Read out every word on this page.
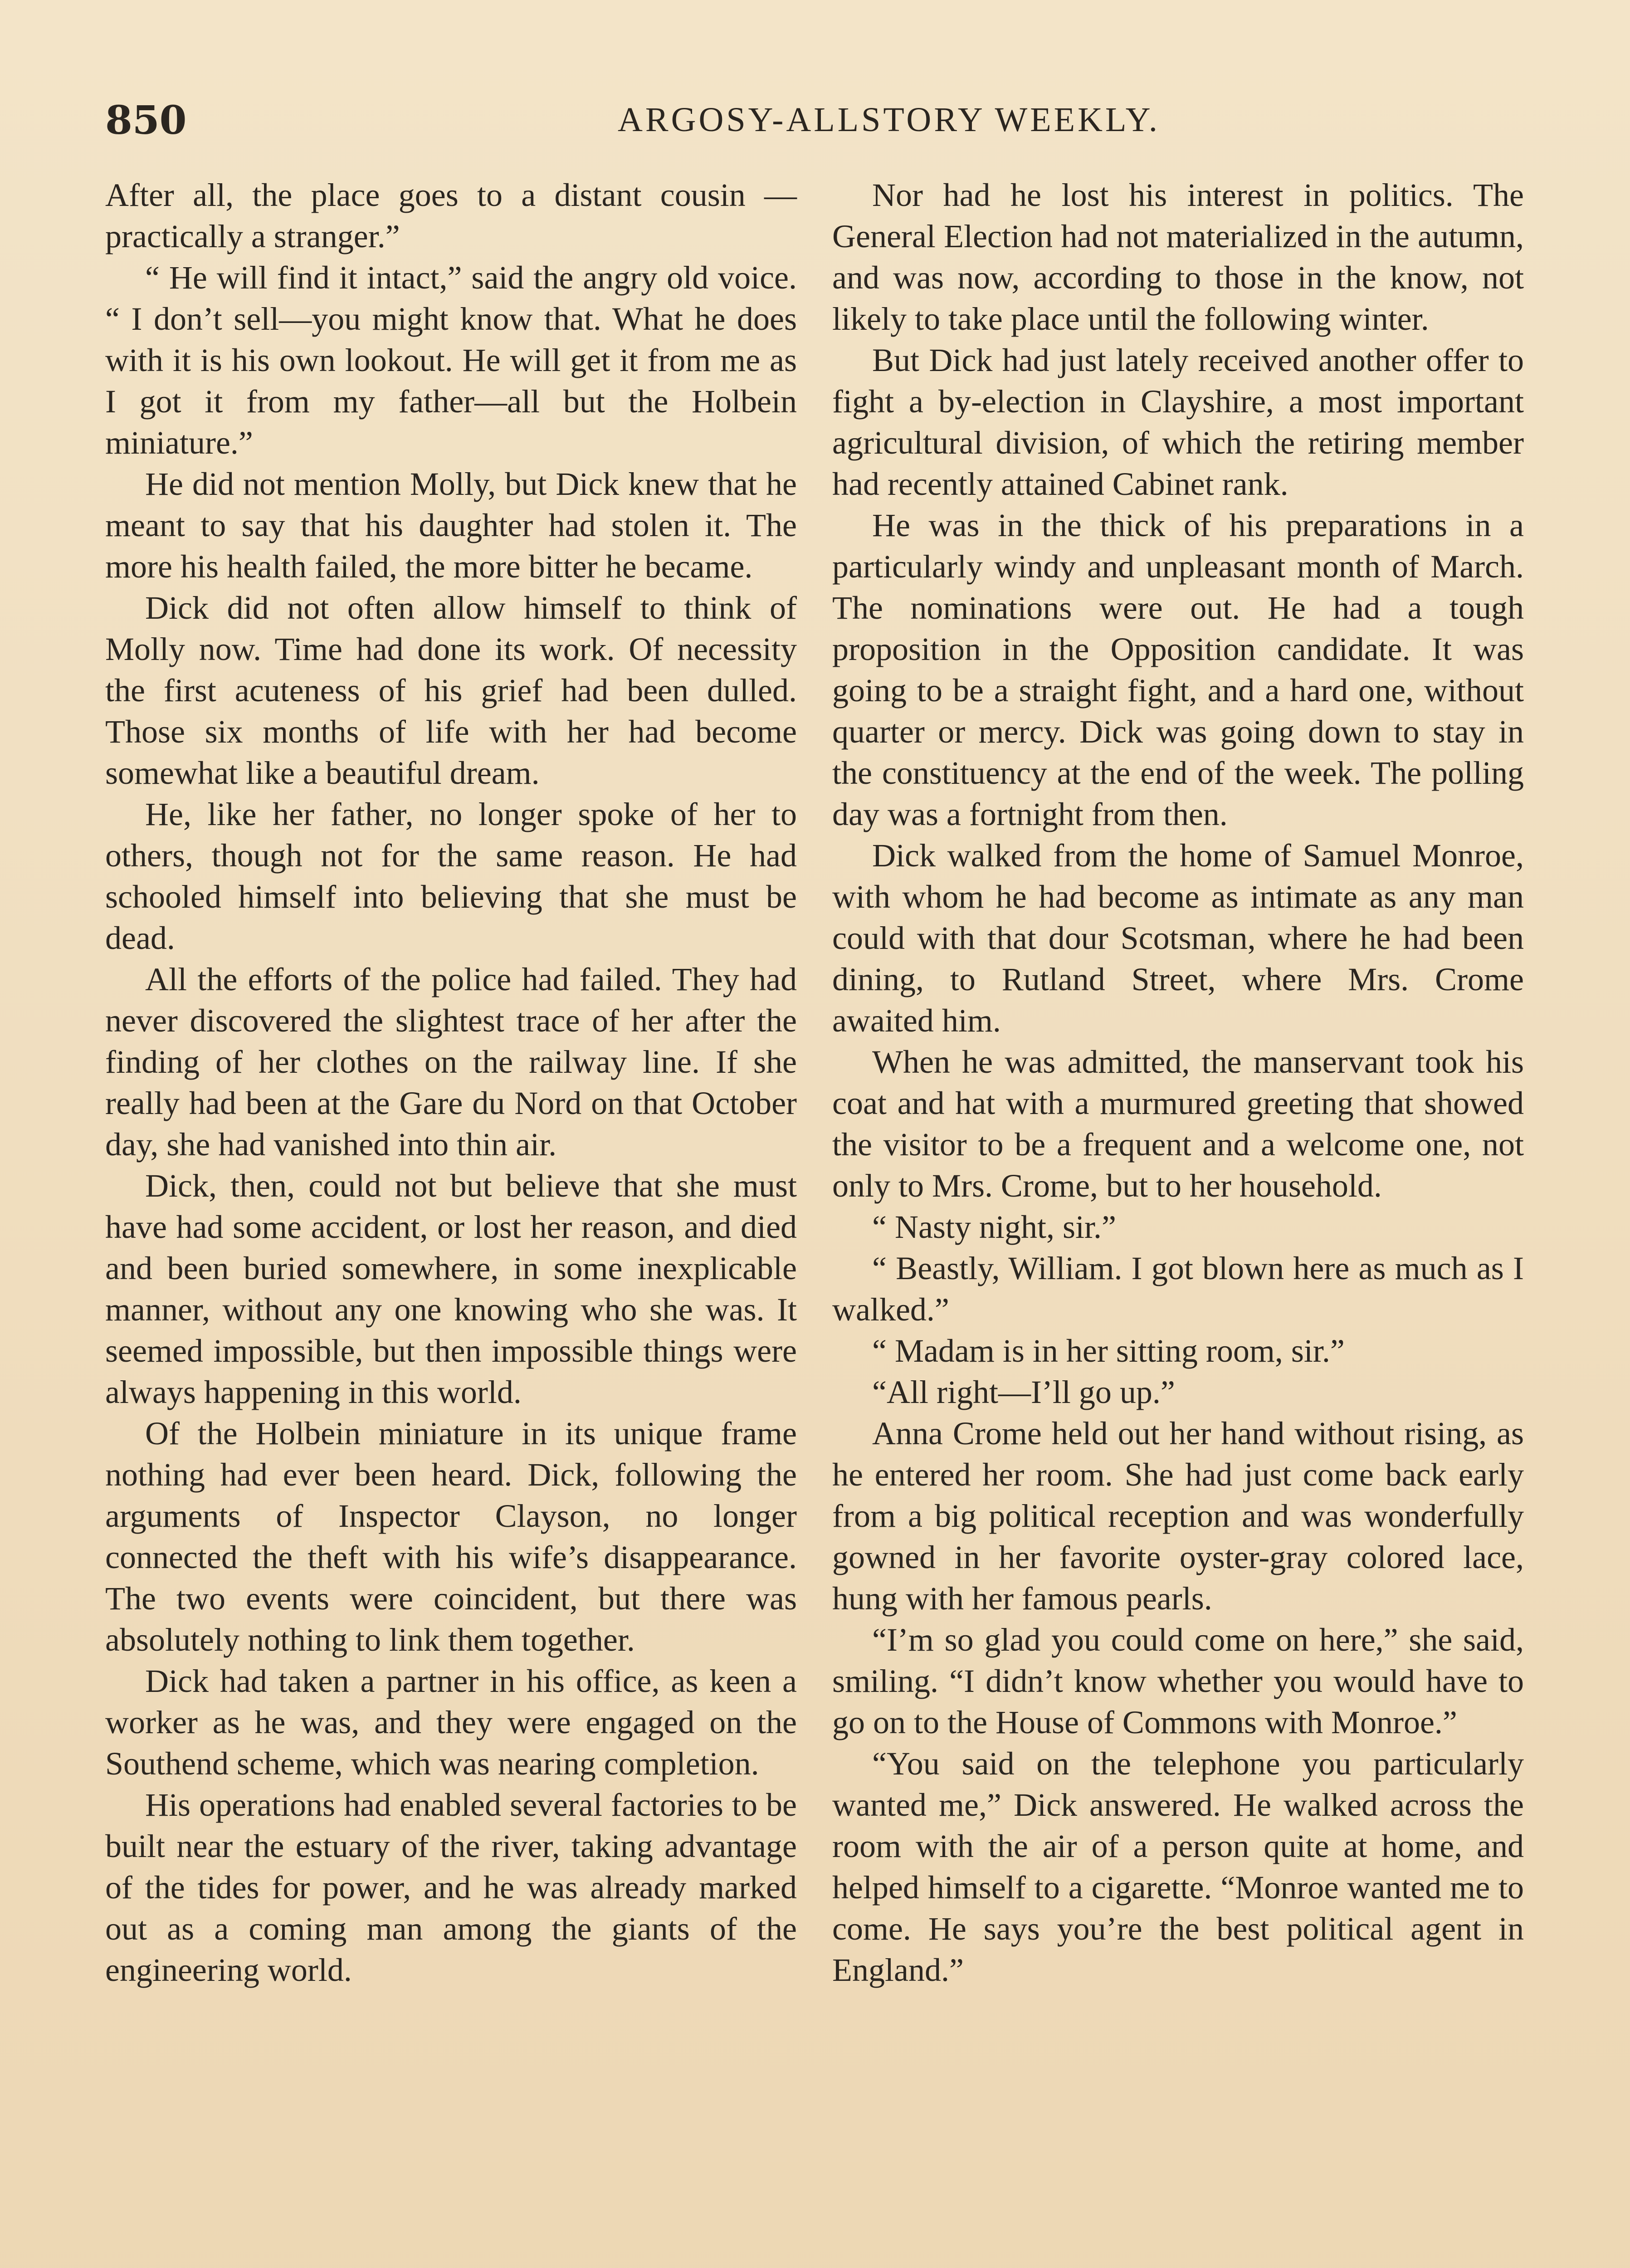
850	ARGOSY-ALLSTORY WEEKLY.

After all, the place goes to a distant cousin —practically a stranger.”

“ He will find it intact,” said the angry old voice. “ I don’t sell—you might know that. What he does with it is his own lookout. He will get it from me as I got it from my father—all but the Holbein miniature.”

He did not mention Molly, but Dick knew that he meant to say that his daughter had stolen it. The more his health failed, the more bitter he became.

Dick did not often allow himself to think of Molly now. Time had done its work. Of necessity the first acuteness of his grief had been dulled. Those six months of life with her had become somewhat like a beautiful dream.

He, like her father, no longer spoke of her to others, though not for the same reason. He had schooled himself into believing that she must be dead.

All the efforts of the police had failed. They had never discovered the slightest trace of her after the finding of her clothes on the railway line. If she really had been at the Gare du Nord on that October day, she had vanished into thin air.

Dick, then, could not but believe that she must have had some accident, or lost her reason, and died and been buried somewhere, in some inexplicable manner, without any one knowing who she was. It seemed impossible, but then impossible things were always happening in this world.

Of the Holbein miniature in its unique frame nothing had ever been heard. Dick, following the arguments of Inspector Clayson, no longer connected the theft with his wife’s disappearance. The two events were coincident, but there was absolutely nothing to link them together.

Dick had taken a partner in his office, as keen a worker as he was, and they were engaged on the Southend scheme, which was nearing completion.

His operations had enabled several factories to be built near the estuary of the river, taking advantage of the tides for power, and he was already marked out as a coming man among the giants of the engineering world.

Nor had he lost his interest in politics. The General Election had not materialized in the autumn, and was now, according to those in the know, not likely to take place until the following winter.

But Dick had just lately received another offer to fight a by-election in Clayshire, a most important agricultural division, of which the retiring member had recently attained Cabinet rank.

He was in the thick of his preparations in a particularly windy and unpleasant month of March. The nominations were out. He had a tough proposition in the Opposition candidate. It was going to be a straight fight, and a hard one, without quarter or mercy. Dick was going down to stay in the constituency at the end of the week. The polling day was a fortnight from then.

Dick walked from the home of Samuel Monroe, with whom he had become as intimate as any man could with that dour Scotsman, where he had been dining, to Rutland Street, where Mrs. Crome awaited him.

When he was admitted, the manservant took his coat and hat with a murmured greeting that showed the visitor to be a frequent and a welcome one, not only to Mrs. Crome, but to her household.

“ Nasty night, sir.”

“ Beastly, William. I got blown here as much as I walked.”

“ Madam is in her sitting room, sir.”

“All right—I’ll go up.”

Anna Crome held out her hand without rising, as he entered her room. She had just come back early from a big political reception and was wonderfully gowned in her favorite oyster-gray colored lace, hung with her famous pearls.

“I’m so glad you could come on here,” she said, smiling. “I didn’t know whether you would have to go on to the House of Commons with Monroe.”

“You said on the telephone you particularly wanted me,” Dick answered. He walked across the room with the air of a person quite at home, and helped himself to a cigarette. “Monroe wanted me to come. He says you’re the best political agent in England.”
